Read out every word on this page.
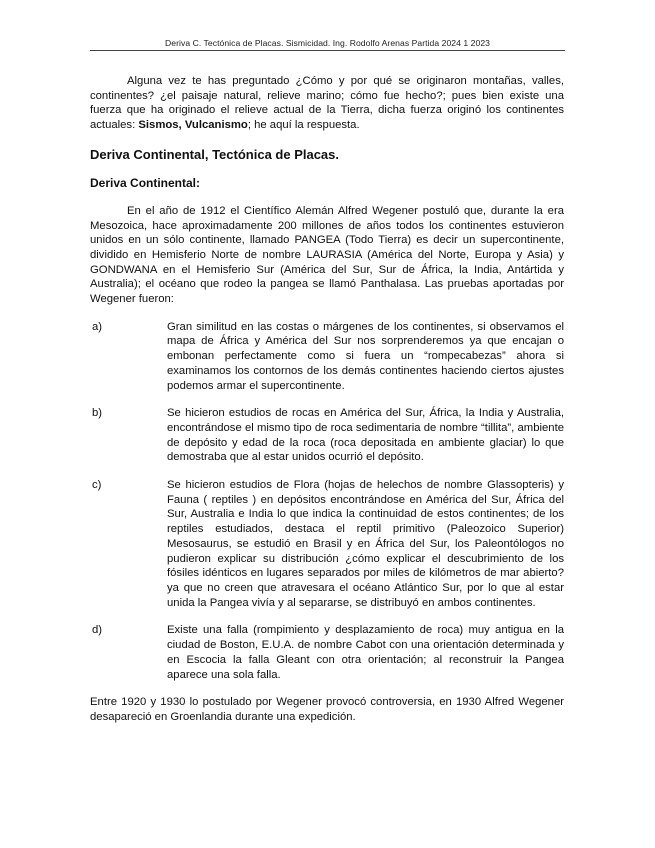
Deriva C. Tectónica de Placas. Sismicidad. Ing. Rodolfo Arenas Partida 2024 1 2023

Alguna vez te has preguntado ¿Cómo y por qué se originaron montañas, valles, continentes? ¿el paisaje natural, relieve marino; cómo fue hecho?; pues bien existe una fuerza que ha originado el relieve actual de la Tierra, dicha fuerza originó los continentes actuales: Sismos, Vulcanismo; he aquí la respuesta.

Deriva Continental, Tectónica de Placas.

Deriva Continental:

En el año de 1912 el Científico Alemán Alfred Wegener postuló que, durante la era Mesozoica, hace aproximadamente 200 millones de años todos los continentes estuvieron unidos en un sólo continente, llamado PANGEA (Todo Tierra) es decir un supercontinente, dividido en Hemisferio Norte de nombre LAURASIA (América del Norte, Europa y Asia) y GONDWANA en el Hemisferio Sur (América del Sur, Sur de África, la India, Antártida y Australia); el océano que rodeo la pangea se llamó Panthalasa. Las pruebas aportadas por Wegener fueron:

a)	Gran similitud en las costas o márgenes de los continentes, si observamos el mapa de África y América del Sur nos sorprenderemos ya que encajan o embonan perfectamente como si fuera un “rompecabezas” ahora si examinamos los contornos de los demás continentes haciendo ciertos ajustes podemos armar el supercontinente.
b)	Se hicieron estudios de rocas en América del Sur, África, la India y Australia, encontrándose el mismo tipo de roca sedimentaria de nombre “tillita”, ambiente de depósito y edad de la roca (roca depositada en ambiente glaciar) lo que demostraba que al estar unidos ocurrió el depósito.
c)	Se hicieron estudios de Flora (hojas de helechos de nombre Glassopteris) y Fauna ( reptiles ) en depósitos encontrándose en América del Sur, África del Sur, Australia e India lo que indica la continuidad de estos continentes; de los reptiles estudiados, destaca el reptil primitivo (Paleozoico Superior) Mesosaurus, se estudió en Brasil y en África del Sur, los Paleontólogos no pudieron explicar su distribución ¿cómo explicar el descubrimiento de los fósiles idénticos en lugares separados por miles de kilómetros de mar abierto? ya que no creen que atravesara el océano Atlántico Sur, por lo que al estar unida la Pangea vivía y al separarse, se distribuyó en ambos continentes.
d)	Existe una falla (rompimiento y desplazamiento de roca) muy antigua en la ciudad de Boston, E.U.A. de nombre Cabot con una orientación determinada y en Escocia la falla Gleant con otra orientación; al reconstruir la Pangea aparece una sola falla.

Entre 1920 y 1930 lo postulado por Wegener provocó controversia, en 1930 Alfred Wegener desapareció en Groenlandia durante una expedición.
